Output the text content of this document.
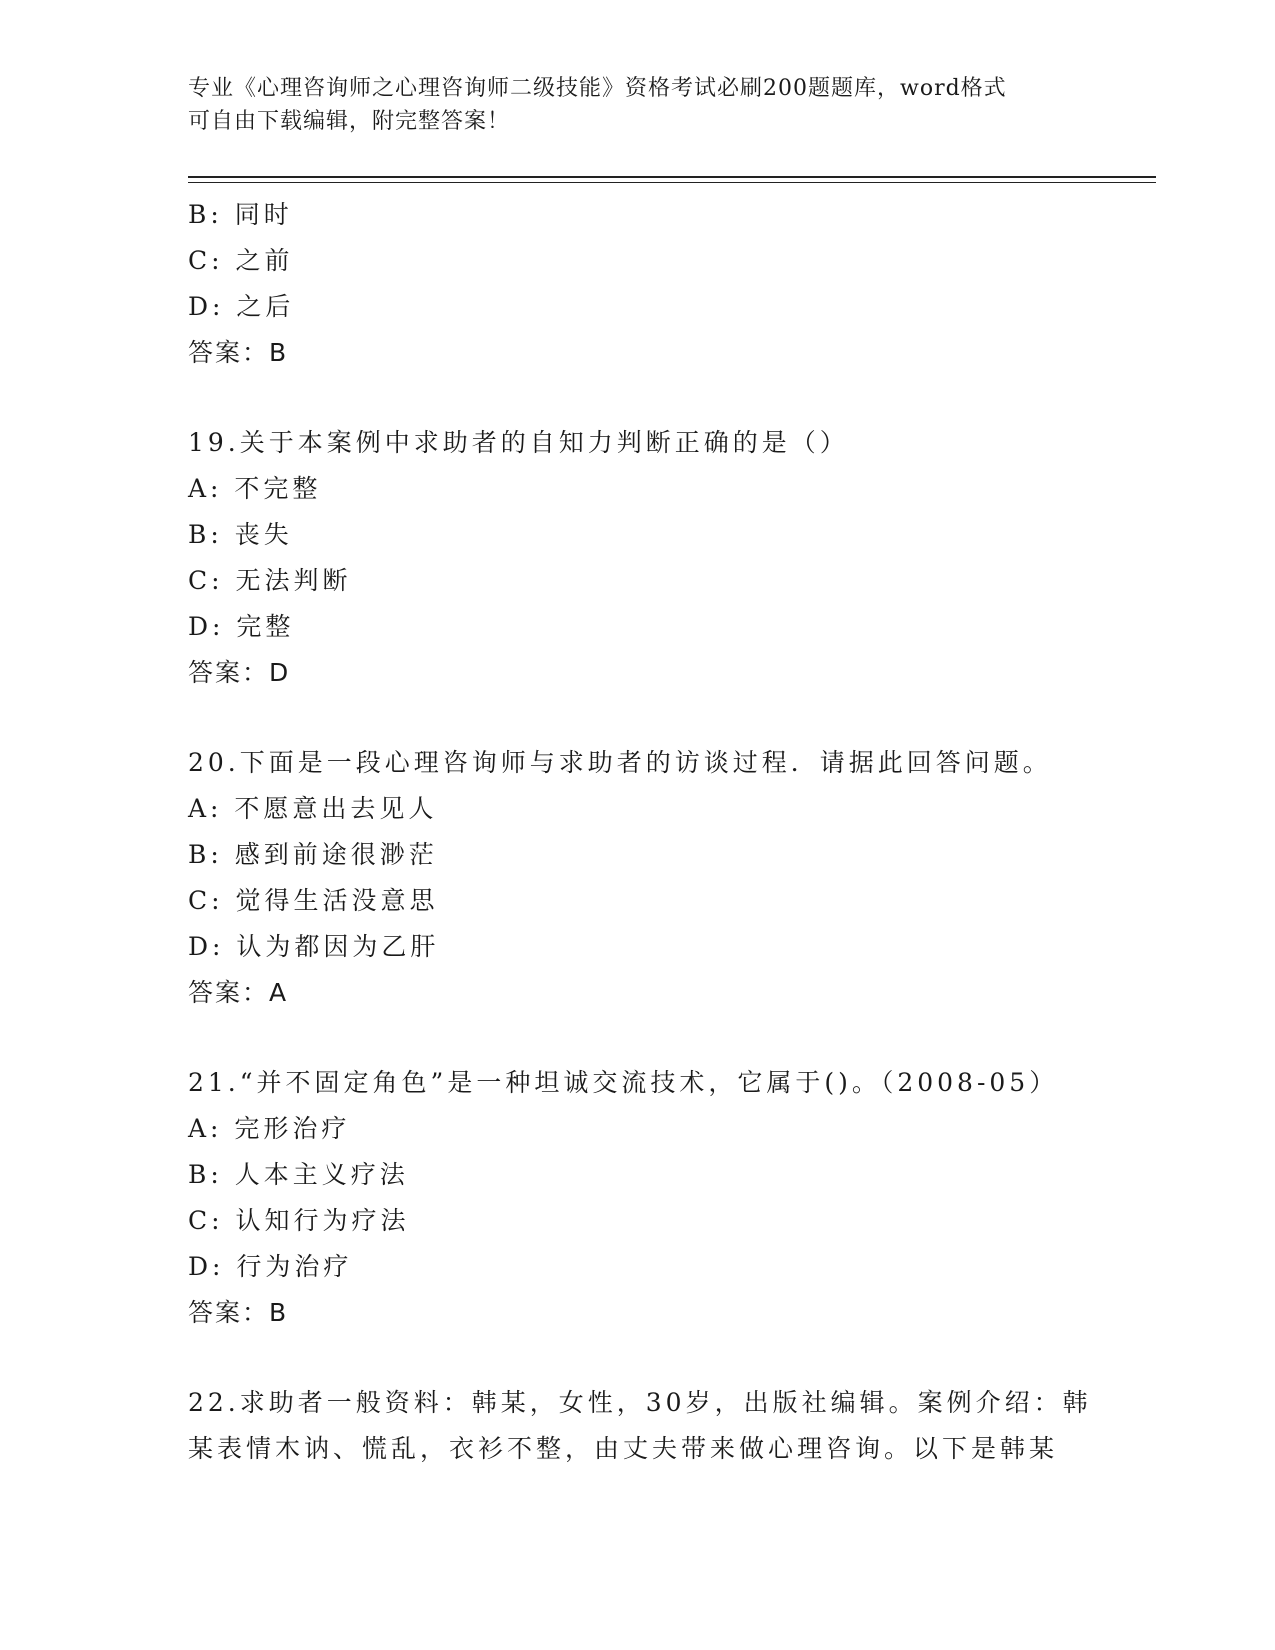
专业《心理咨询师之心理咨询师二级技能》资格考试必刷200题题库，word格式
可自由下载编辑，附完整答案！
B: 同时
C: 之前
D: 之后
答案：B
19.关于本案例中求助者的自知力判断正确的是（）
A: 不完整
B: 丧失
C: 无法判断
D: 完整
答案：D
20.下面是一段心理咨询师与求助者的访谈过程．请据此回答问题。
A: 不愿意出去见人
B: 感到前途很渺茫
C: 觉得生活没意思
D: 认为都因为乙肝
答案：A
21.“并不固定角色”是一种坦诚交流技术，它属于()。（2008-05）
A: 完形治疗
B: 人本主义疗法
C: 认知行为疗法
D: 行为治疗
答案：B
22.求助者一般资料：韩某，女性，30岁，出版社编辑。案例介绍：韩
某表情木讷、慌乱，衣衫不整，由丈夫带来做心理咨询。以下是韩某
